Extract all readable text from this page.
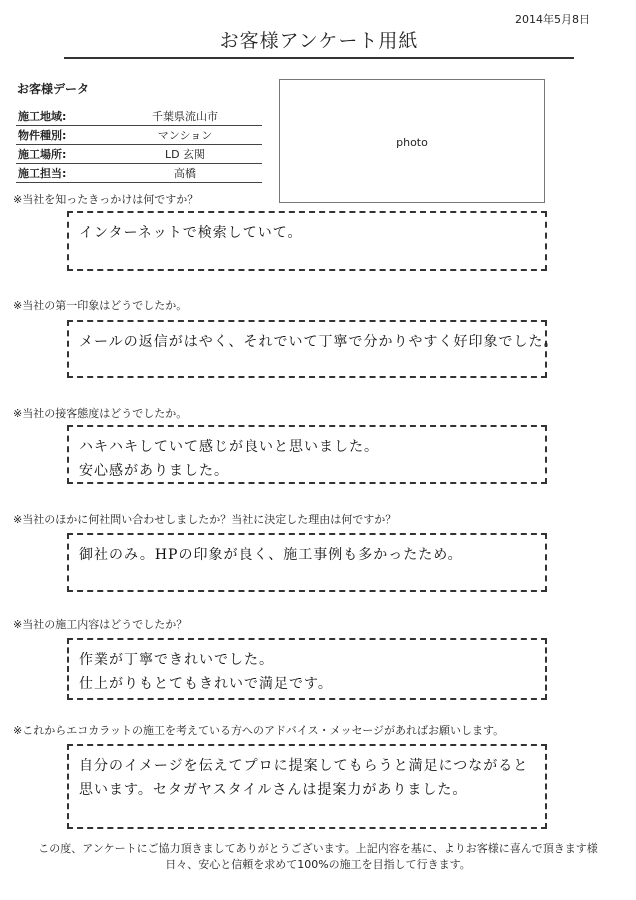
2014年5月8日
お客様アンケート用紙
お客様データ
施工地域:	千葉県流山市
物件種別:	マンション
施工場所:	LD 玄関
施工担当:	高橋
photo
※当社を知ったきっかけは何ですか？
インターネットで検索していて。
※当社の第一印象はどうでしたか。
メールの返信がはやく、それでいて丁寧で分かりやすく好印象でした。
※当社の接客態度はどうでしたか。
ハキハキしていて感じが良いと思いました。
安心感がありました。
※当社のほかに何社問い合わせしましたか？当社に決定した理由は何ですか？
御社のみ。HPの印象が良く、施工事例も多かったため。
※当社の施工内容はどうでしたか？
作業が丁寧できれいでした。
仕上がりもとてもきれいで満足です。
※これからエコカラットの施工を考えている方へのアドバイス・メッセージがあればお願いします。
自分のイメージを伝えてプロに提案してもらうと満足につながると
思います。セタガヤスタイルさんは提案力がありました。
この度、アンケートにご協力頂きましてありがとうございます。上記内容を基に、よりお客様に喜んで頂きます様
日々、安心と信頼を求めて100%の施工を目指して行きます。
